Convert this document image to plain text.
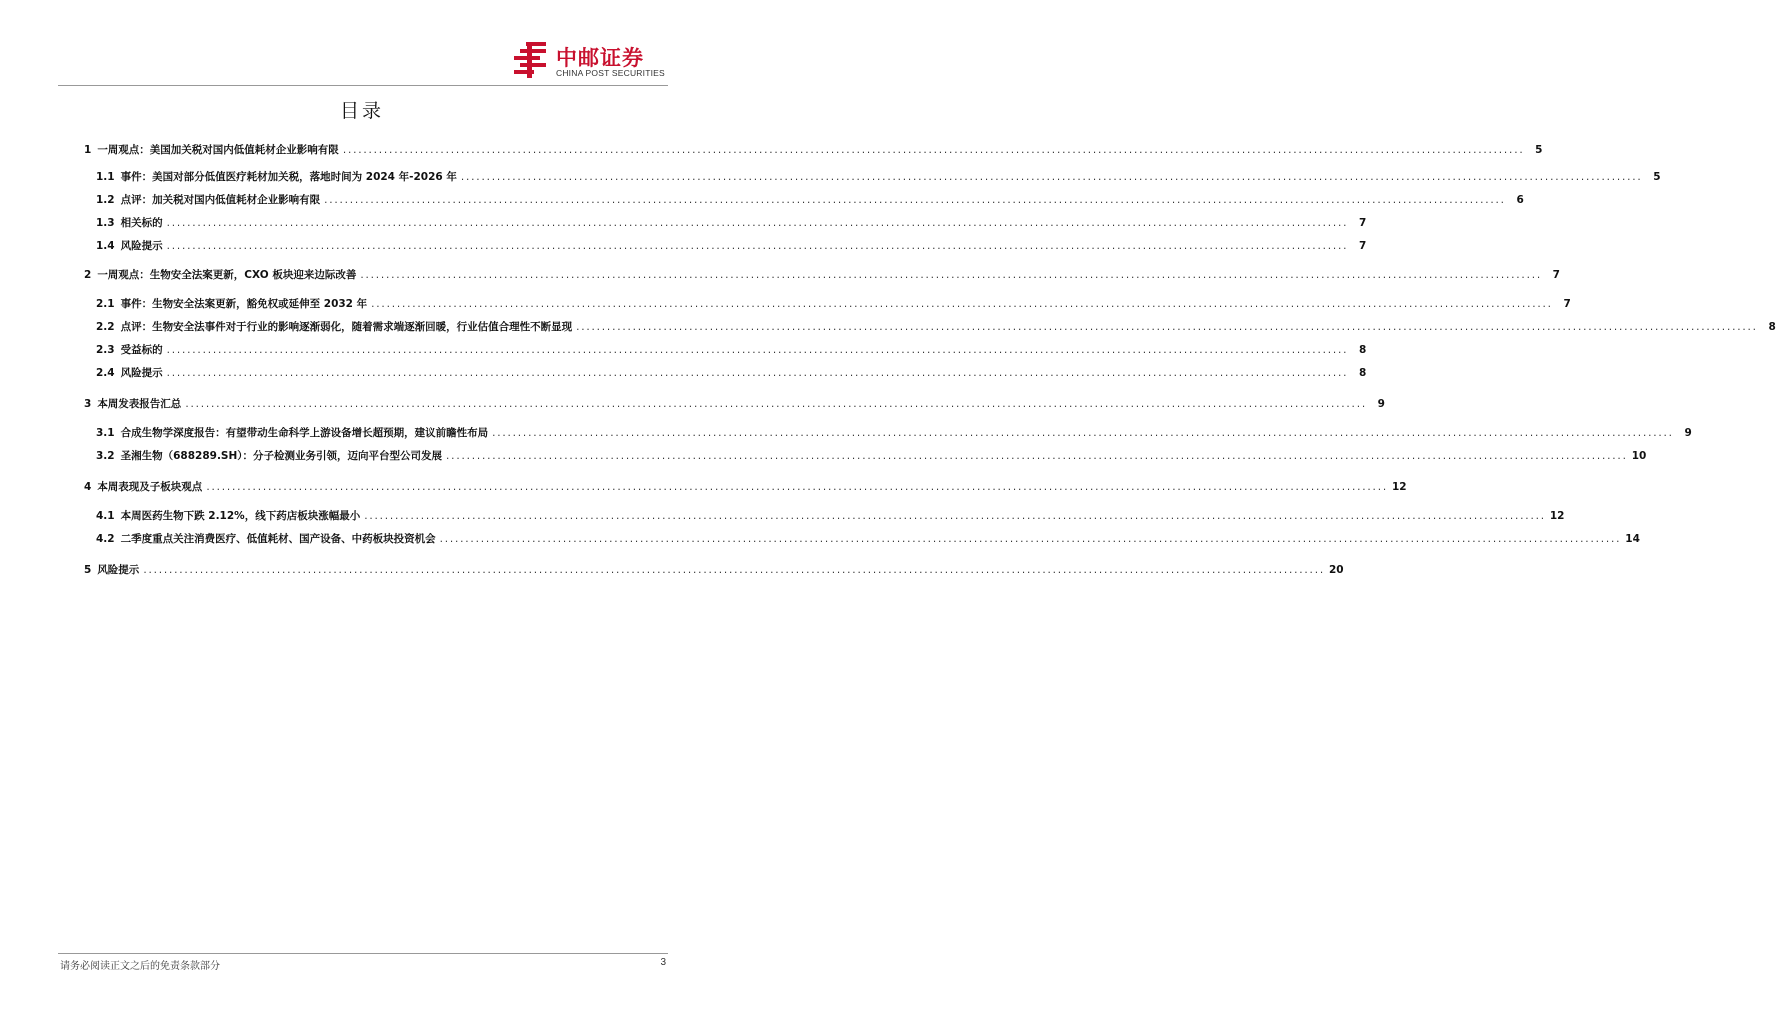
中邮证券
CHINA POST SECURITIES
目录
1 一周观点：美国加关税对国内低值耗材企业影响有限 .....	5
1.1 事件：美国对部分低值医疗耗材加关税，落地时间为 2024 年-2026 年 .....	5
1.2 点评：加关税对国内低值耗材企业影响有限 .....	6
1.3 相关标的 .....	7
1.4 风险提示 .....	7
2 一周观点：生物安全法案更新，CXO 板块迎来边际改善 .....	7
2.1 事件：生物安全法案更新，豁免权或延伸至 2032 年 .....	7
2.2 点评：生物安全法事件对于行业的影响逐渐弱化，随着需求端逐渐回暖，行业估值合理性不断显现 .....	8
2.3 受益标的 .....	8
2.4 风险提示 .....	8
3 本周发表报告汇总 .....	9
3.1 合成生物学深度报告：有望带动生命科学上游设备增长超预期，建议前瞻性布局 .....	9
3.2 圣湘生物（688289.SH）：分子检测业务引领，迈向平台型公司发展 .....	10
4 本周表现及子板块观点 .....	12
4.1 本周医药生物下跌 2.12%，线下药店板块涨幅最小 .....	12
4.2 二季度重点关注消费医疗、低值耗材、国产设备、中药板块投资机会 .....	14
5 风险提示 .....	20
请务必阅读正文之后的免责条款部分	3
